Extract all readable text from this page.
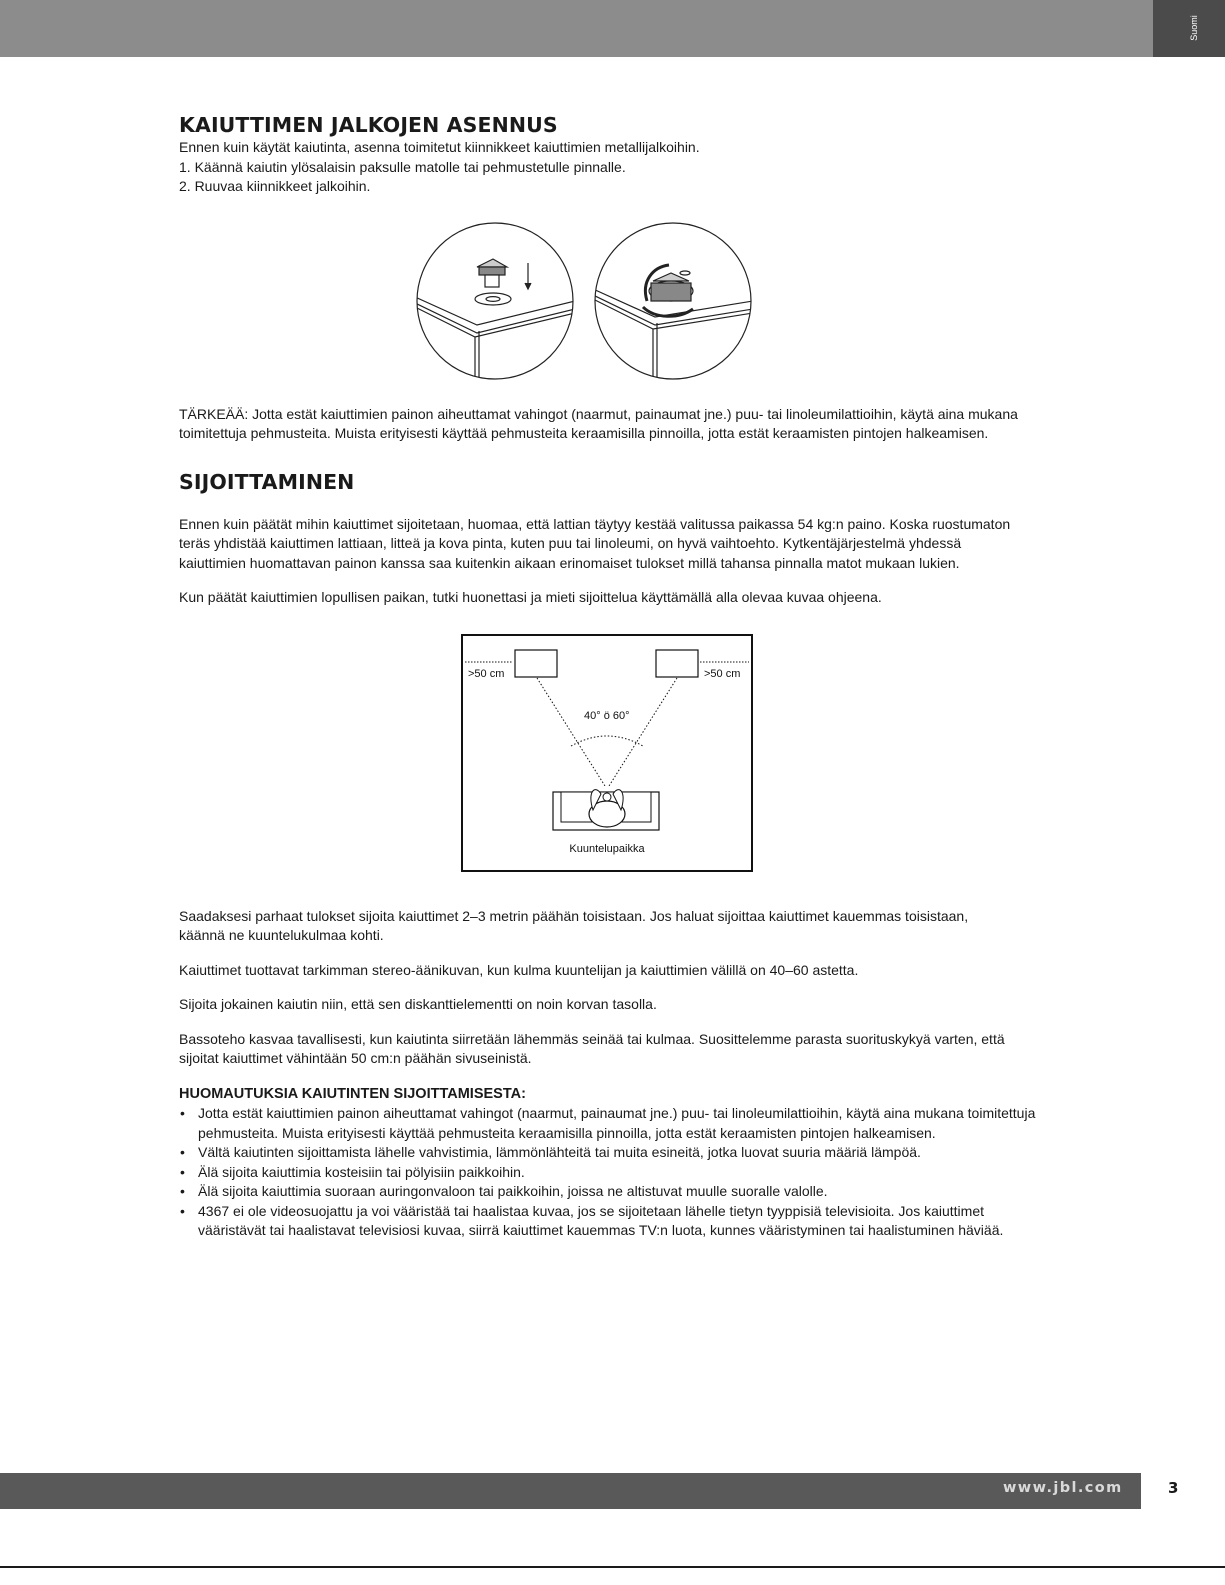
Suomi
KAIUTTIMEN JALKOJEN ASENNUS

Ennen kuin käytät kaiutinta, asenna toimitetut kiinnikkeet kaiuttimien metallijalkoihin.

1. Käännä kaiutin ylösalaisin paksulle matolle tai pehmustetulle pinnalle.

2. Ruuvaa kiinnikkeet jalkoihin.

TÄRKEÄÄ: Jotta estät kaiuttimien painon aiheuttamat vahingot (naarmut, painaumat jne.) puu- tai linoleumilattioihin, käytä aina mukana toimitettuja pehmusteita. Muista erityisesti käyttää pehmusteita keraamisilla pinnoilla, jotta estät keraamisten pintojen halkeamisen.

SIJOITTAMINEN

Ennen kuin päätät mihin kaiuttimet sijoitetaan, huomaa, että lattian täytyy kestää valitussa paikassa 54 kg:n paino. Koska ruostumaton teräs yhdistää kaiuttimen lattiaan, litteä ja kova pinta, kuten puu tai linoleumi, on hyvä vaihtoehto. Kytkentäjärjestelmä yhdessä kaiuttimien huomattavan painon kanssa saa kuitenkin aikaan erinomaiset tulokset millä tahansa pinnalla matot mukaan lukien.

Kun päätät kaiuttimien lopullisen paikan, tutki huonettasi ja mieti sijoittelua käyttämällä alla olevaa kuvaa ohjeena.

>50 cm	>50 cm
40° ö 60°
Kuuntelupaikka

Saadaksesi parhaat tulokset sijoita kaiuttimet 2–3 metrin päähän toisistaan. Jos haluat sijoittaa kaiuttimet kauemmas toisistaan, käännä ne kuuntelukulmaa kohti.

Kaiuttimet tuottavat tarkimman stereo-äänikuvan, kun kulma kuuntelijan ja kaiuttimien välillä on 40–60 astetta.

Sijoita jokainen kaiutin niin, että sen diskanttielementti on noin korvan tasolla.

Bassoteho kasvaa tavallisesti, kun kaiutinta siirretään lähemmäs seinää tai kulmaa. Suosittelemme parasta suorituskykyä varten, että sijoitat kaiuttimet vähintään 50 cm:n päähän sivuseinistä.

HUOMAUTUKSIA KAIUTINTEN SIJOITTAMISESTA:

• Jotta estät kaiuttimien painon aiheuttamat vahingot (naarmut, painaumat jne.) puu- tai linoleumilattioihin, käytä aina mukana toimitettuja pehmusteita. Muista erityisesti käyttää pehmusteita keraamisilla pinnoilla, jotta estät keraamisten pintojen halkeamisen.
• Vältä kaiutinten sijoittamista lähelle vahvistimia, lämmönlähteitä tai muita esineitä, jotka luovat suuria määriä lämpöä.
• Älä sijoita kaiuttimia kosteisiin tai pölyisiin paikkoihin.
• Älä sijoita kaiuttimia suoraan auringonvaloon tai paikkoihin, joissa ne altistuvat muulle suoralle valolle.
• 4367 ei ole videosuojattu ja voi vääristää tai haalistaa kuvaa, jos se sijoitetaan lähelle tietyn tyyppisiä televisioita. Jos kaiuttimet vääristävät tai haalistavat televisiosi kuvaa, siirrä kaiuttimet kauemmas TV:n luota, kunnes vääristyminen tai haalistuminen häviää.
www.jbl.com	3
